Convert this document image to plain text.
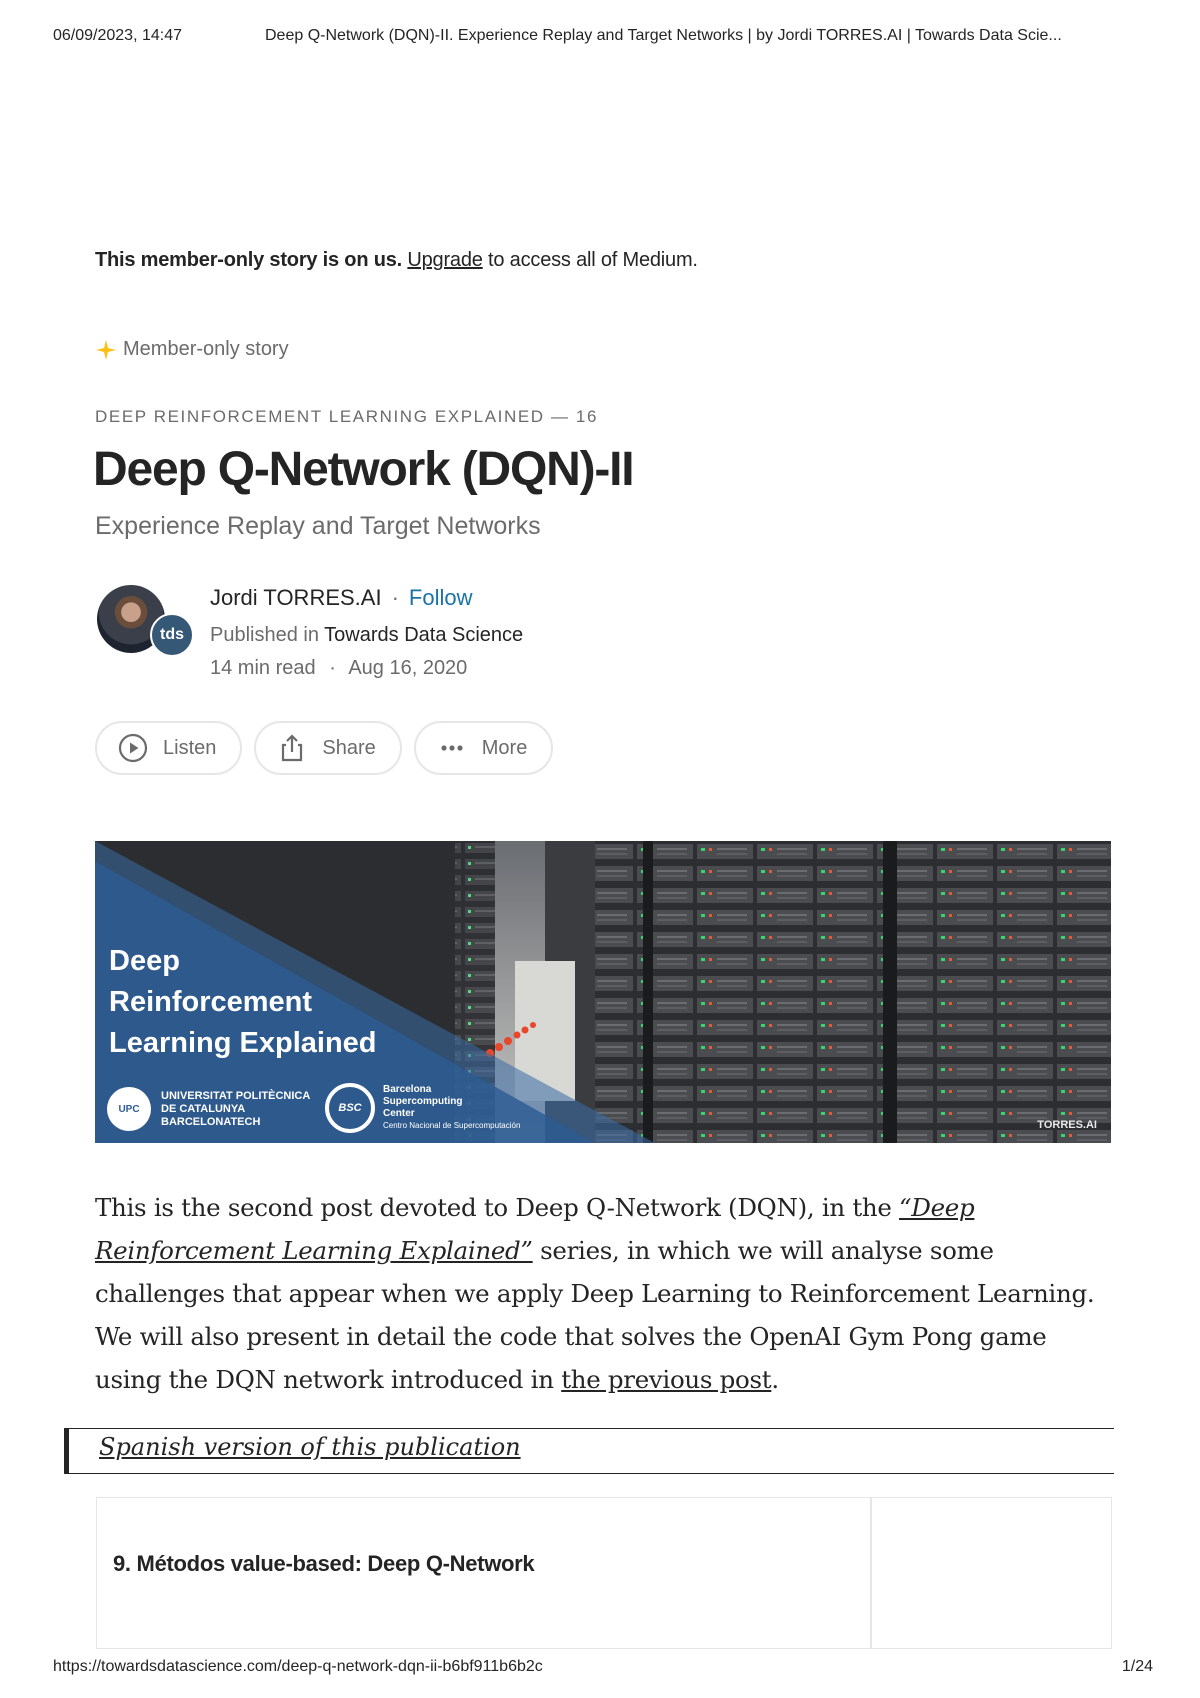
06/09/2023, 14:47	Deep Q-Network (DQN)-II. Experience Replay and Target Networks | by Jordi TORRES.AI | Towards Data Scie...
This member-only story is on us. Upgrade to access all of Medium.
Member-only story
DEEP REINFORCEMENT LEARNING EXPLAINED — 16
Deep Q-Network (DQN)-II
Experience Replay and Target Networks
tds
Jordi TORRES.AI · Follow
Published in Towards Data Science
14 min read · Aug 16, 2020
Listen	Share	More
Deep
Reinforcement
Learning Explained
UPC
UNIVERSITAT POLITÈCNICA
DE CATALUNYA
BARCELONATECH
BSC
Barcelona
Supercomputing
Center
Centro Nacional de Supercomputación	TORRES.AI
This is the second post devoted to Deep Q-Network (DQN), in the “Deep Reinforcement Learning Explained” series, in which we will analyse some challenges that appear when we apply Deep Learning to Reinforcement Learning. We will also present in detail the code that solves the OpenAI Gym Pong game using the DQN network introduced in the previous post.
Spanish version of this publication
9. Métodos value-based: Deep Q-Network
https://towardsdatascience.com/deep-q-network-dqn-ii-b6bf911b6b2c	1/24
